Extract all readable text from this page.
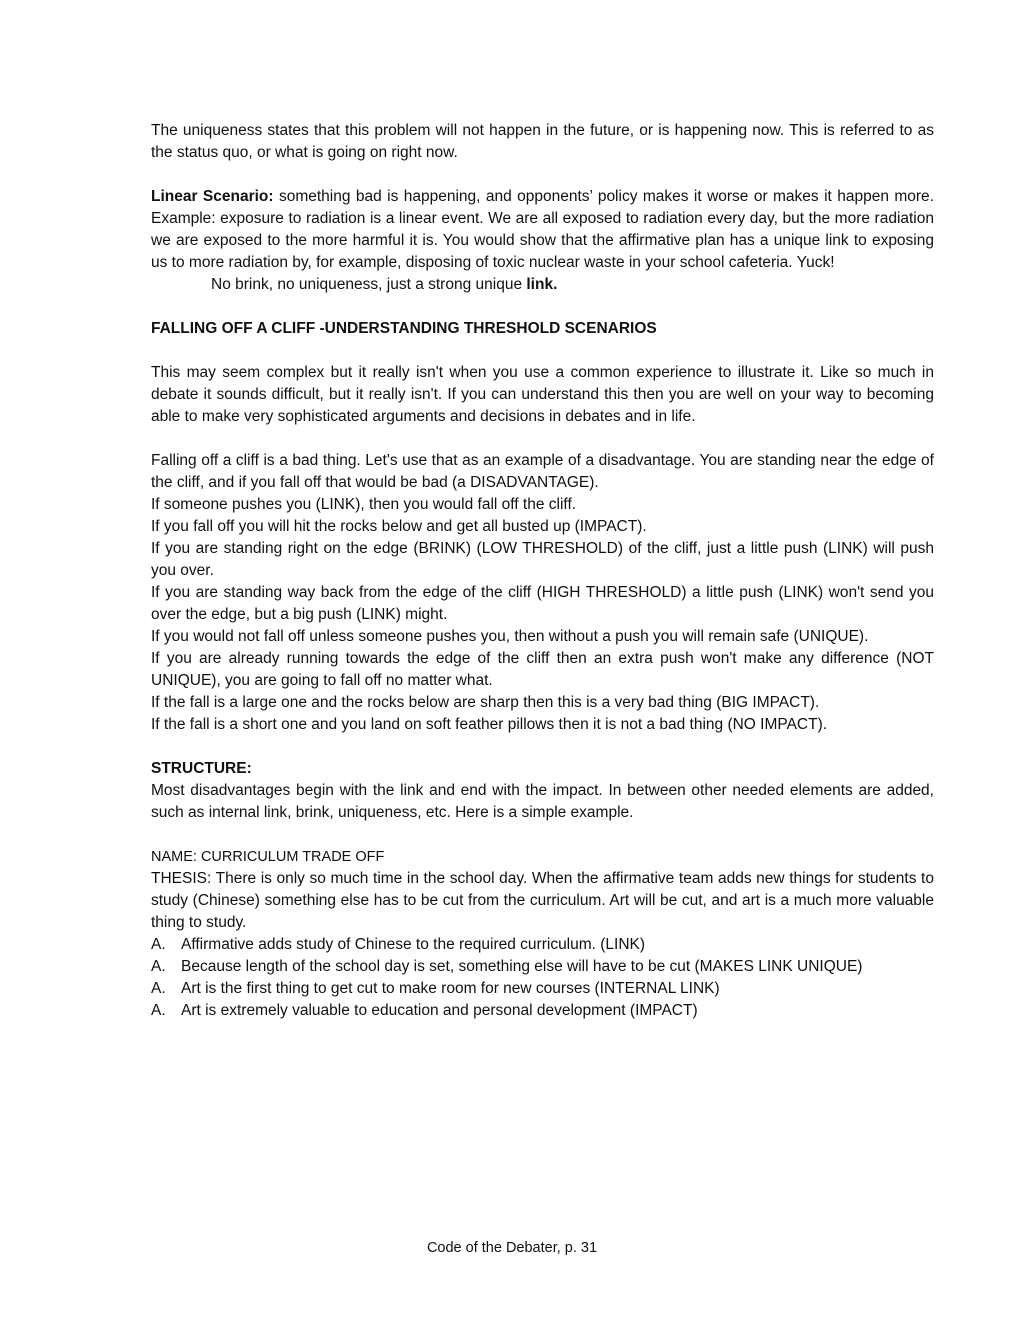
The uniqueness states that this problem will not happen in the future, or is happening now. This is referred to as the status quo, or what is going on right now.

Linear Scenario: something bad is happening, and opponents’ policy makes it worse or makes it happen more. Example: exposure to radiation is a linear event. We are all exposed to radiation every day, but the more radiation we are exposed to the more harmful it is. You would show that the affirmative plan has a unique link to exposing us to more radiation by, for example, disposing of toxic nuclear waste in your school cafeteria. Yuck!

No brink, no uniqueness, just a strong unique link.

FALLING OFF A CLIFF -UNDERSTANDING THRESHOLD SCENARIOS

This may seem complex but it really isn't when you use a common experience to illustrate it. Like so much in debate it sounds difficult, but it really isn't. If you can understand this then you are well on your way to becoming able to make very sophisticated arguments and decisions in debates and in life.

Falling off a cliff is a bad thing. Let's use that as an example of a disadvantage. You are standing near the edge of the cliff, and if you fall off that would be bad (a DISADVANTAGE).

If someone pushes you (LINK), then you would fall off the cliff.

If you fall off you will hit the rocks below and get all busted up (IMPACT).

If you are standing right on the edge (BRINK) (LOW THRESHOLD) of the cliff, just a little push (LINK) will push you over.

If you are standing way back from the edge of the cliff (HIGH THRESHOLD) a little push (LINK) won't send you over the edge, but a big push (LINK) might.

If you would not fall off unless someone pushes you, then without a push you will remain safe (UNIQUE).

If you are already running towards the edge of the cliff then an extra push won't make any difference (NOT UNIQUE), you are going to fall off no matter what.

If the fall is a large one and the rocks below are sharp then this is a very bad thing (BIG IMPACT).

If the fall is a short one and you land on soft feather pillows then it is not a bad thing (NO IMPACT).

STRUCTURE:

Most disadvantages begin with the link and end with the impact. In between other needed elements are added, such as internal link, brink, uniqueness, etc. Here is a simple example.

NAME: CURRICULUM TRADE OFF

THESIS: There is only so much time in the school day. When the affirmative team adds new things for students to study (Chinese) something else has to be cut from the curriculum. Art will be cut, and art is a much more valuable thing to study.

A. Affirmative adds study of Chinese to the required curriculum. (LINK)
A. Because length of the school day is set, something else will have to be cut (MAKES LINK UNIQUE)
A. Art is the first thing to get cut to make room for new courses (INTERNAL LINK)
A. Art is extremely valuable to education and personal development (IMPACT)
Code of the Debater, p. 31
